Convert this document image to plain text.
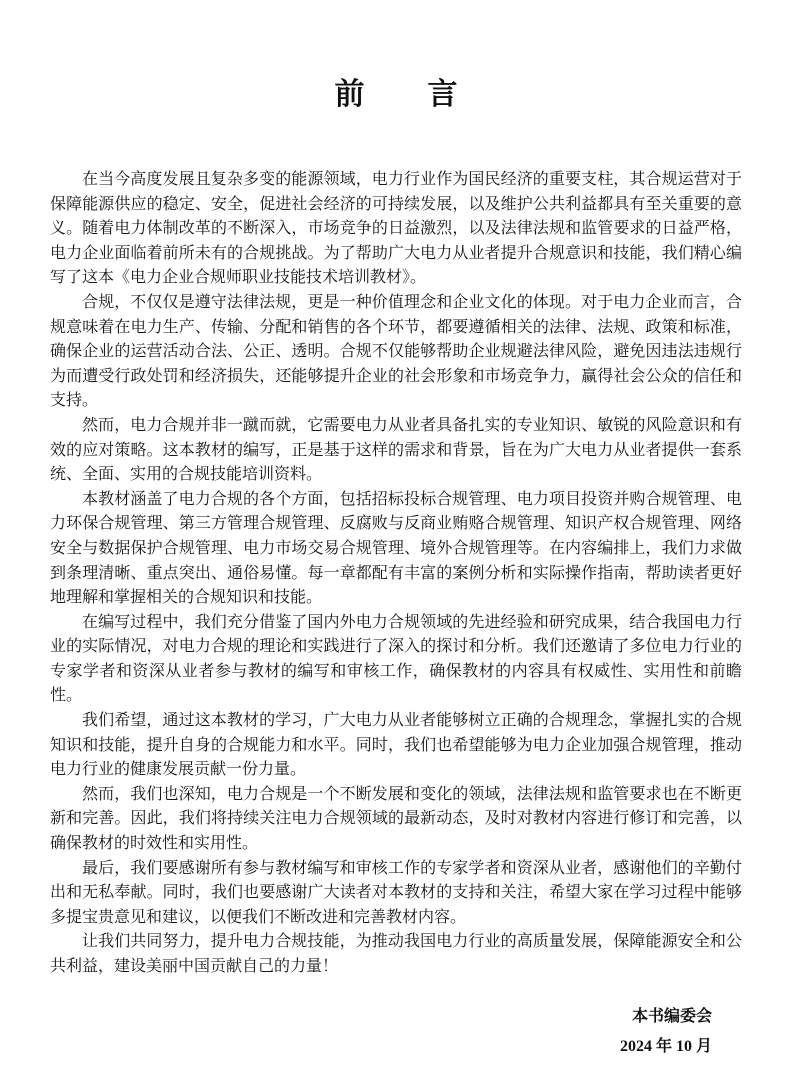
前言

在当今高度发展且复杂多变的能源领域，电力行业作为国民经济的重要支柱，其合规运营对于保障能源供应的稳定、安全，促进社会经济的可持续发展，以及维护公共利益都具有至关重要的意义。随着电力体制改革的不断深入，市场竞争的日益激烈，以及法律法规和监管要求的日益严格，电力企业面临着前所未有的合规挑战。为了帮助广大电力从业者提升合规意识和技能，我们精心编写了这本《电力企业合规师职业技能技术培训教材》。

合规，不仅仅是遵守法律法规，更是一种价值理念和企业文化的体现。对于电力企业而言，合规意味着在电力生产、传输、分配和销售的各个环节，都要遵循相关的法律、法规、政策和标准，确保企业的运营活动合法、公正、透明。合规不仅能够帮助企业规避法律风险，避免因违法违规行为而遭受行政处罚和经济损失，还能够提升企业的社会形象和市场竞争力，赢得社会公众的信任和支持。

然而，电力合规并非一蹴而就，它需要电力从业者具备扎实的专业知识、敏锐的风险意识和有效的应对策略。这本教材的编写，正是基于这样的需求和背景，旨在为广大电力从业者提供一套系统、全面、实用的合规技能培训资料。

本教材涵盖了电力合规的各个方面，包括招标投标合规管理、电力项目投资并购合规管理、电力环保合规管理、第三方管理合规管理、反腐败与反商业贿赂合规管理、知识产权合规管理、网络安全与数据保护合规管理、电力市场交易合规管理、境外合规管理等。在内容编排上，我们力求做到条理清晰、重点突出、通俗易懂。每一章都配有丰富的案例分析和实际操作指南，帮助读者更好地理解和掌握相关的合规知识和技能。

在编写过程中，我们充分借鉴了国内外电力合规领域的先进经验和研究成果，结合我国电力行业的实际情况，对电力合规的理论和实践进行了深入的探讨和分析。我们还邀请了多位电力行业的专家学者和资深从业者参与教材的编写和审核工作，确保教材的内容具有权威性、实用性和前瞻性。

我们希望，通过这本教材的学习，广大电力从业者能够树立正确的合规理念，掌握扎实的合规知识和技能，提升自身的合规能力和水平。同时，我们也希望能够为电力企业加强合规管理，推动电力行业的健康发展贡献一份力量。

然而，我们也深知，电力合规是一个不断发展和变化的领域，法律法规和监管要求也在不断更新和完善。因此，我们将持续关注电力合规领域的最新动态，及时对教材内容进行修订和完善，以确保教材的时效性和实用性。

最后，我们要感谢所有参与教材编写和审核工作的专家学者和资深从业者，感谢他们的辛勤付出和无私奉献。同时，我们也要感谢广大读者对本教材的支持和关注，希望大家在学习过程中能够多提宝贵意见和建议，以便我们不断改进和完善教材内容。

让我们共同努力，提升电力合规技能，为推动我国电力行业的高质量发展，保障能源安全和公共利益，建设美丽中国贡献自己的力量！

本书编委会
2024 年 10 月
